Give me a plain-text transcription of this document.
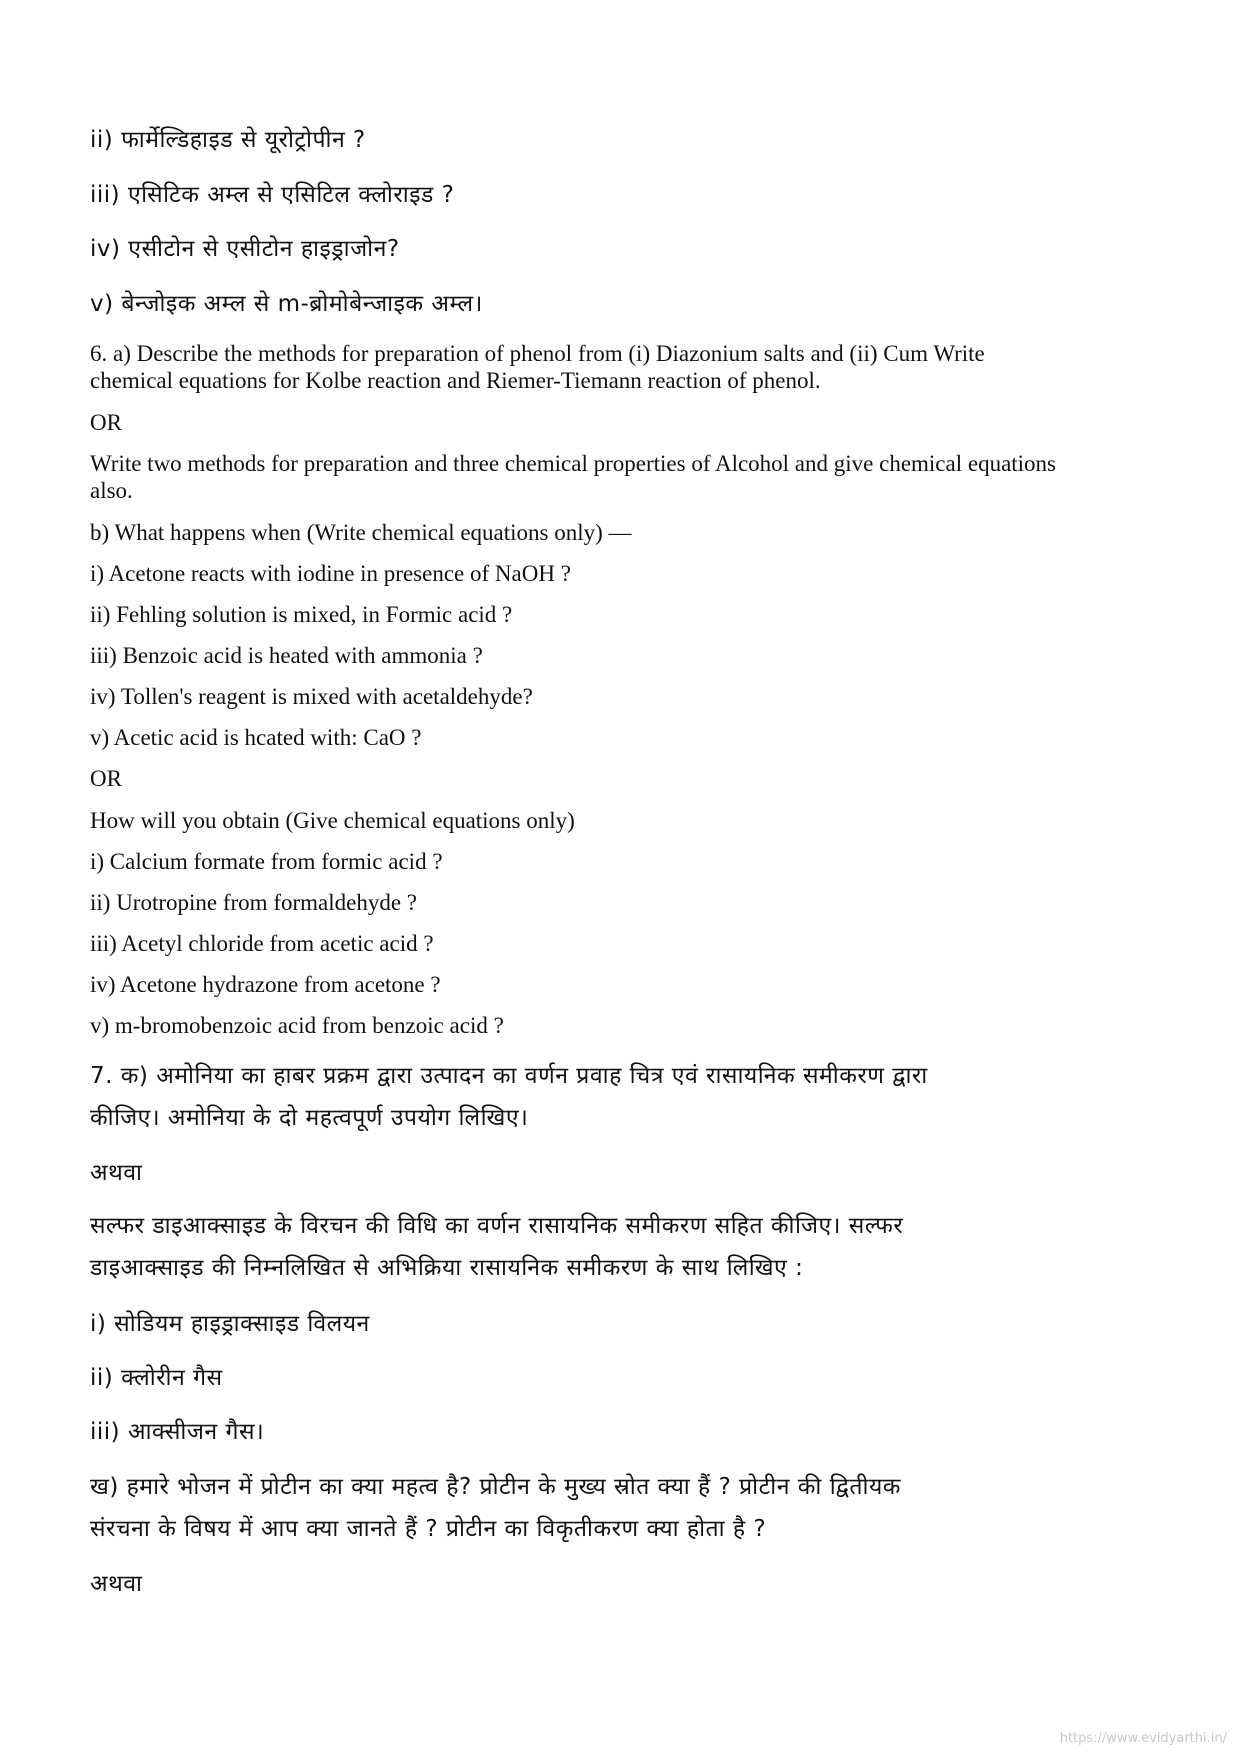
ii) फार्मेल्डिहाइड से यूरोट्रोपीन ?
iii) एसिटिक अम्ल से एसिटिल क्लोराइड ?
iv) एसीटोन से एसीटोन हाइड्राजोन?
v) बेन्जोइक अम्ल से m-ब्रोमोबेन्जाइक अम्ल।
6. a) Describe the methods for preparation of phenol from (i) Diazonium salts and (ii) Cum Write
chemical equations for Kolbe reaction and Riemer-Tiemann reaction of phenol.
OR
Write two methods for preparation and three chemical properties of Alcohol and give chemical equations
also.
b) What happens when (Write chemical equations only) —
i) Acetone reacts with iodine in presence of NaOH ?
ii) Fehling solution is mixed, in Formic acid ?
iii) Benzoic acid is heated with ammonia ?
iv) Tollen's reagent is mixed with acetaldehyde?
v) Acetic acid is hcated with: CaO ?
OR
How will you obtain (Give chemical equations only)
i) Calcium formate from formic acid ?
ii) Urotropine from formaldehyde ?
iii) Acetyl chloride from acetic acid ?
iv) Acetone hydrazone from acetone ?
v) m-bromobenzoic acid from benzoic acid ?
7. क) अमोनिया का हाबर प्रक्रम द्वारा उत्पादन का वर्णन प्रवाह चित्र एवं रासायनिक समीकरण द्वारा
कीजिए। अमोनिया के दो महत्वपूर्ण उपयोग लिखिए।
अथवा
सल्फर डाइआक्साइड के विरचन की विधि का वर्णन रासायनिक समीकरण सहित कीजिए। सल्फर
डाइआक्साइड की निम्नलिखित से अभिक्रिया रासायनिक समीकरण के साथ लिखिए :
i) सोडियम हाइड्राक्साइड विलयन
ii) क्लोरीन गैस
iii) आक्सीजन गैस।
ख) हमारे भोजन में प्रोटीन का क्या महत्व है? प्रोटीन के मुख्य स्रोत क्या हैं ? प्रोटीन की द्वितीयक
संरचना के विषय में आप क्या जानते हैं ? प्रोटीन का विकृतीकरण क्या होता है ?
अथवा
https://www.evidyarthi.in/
